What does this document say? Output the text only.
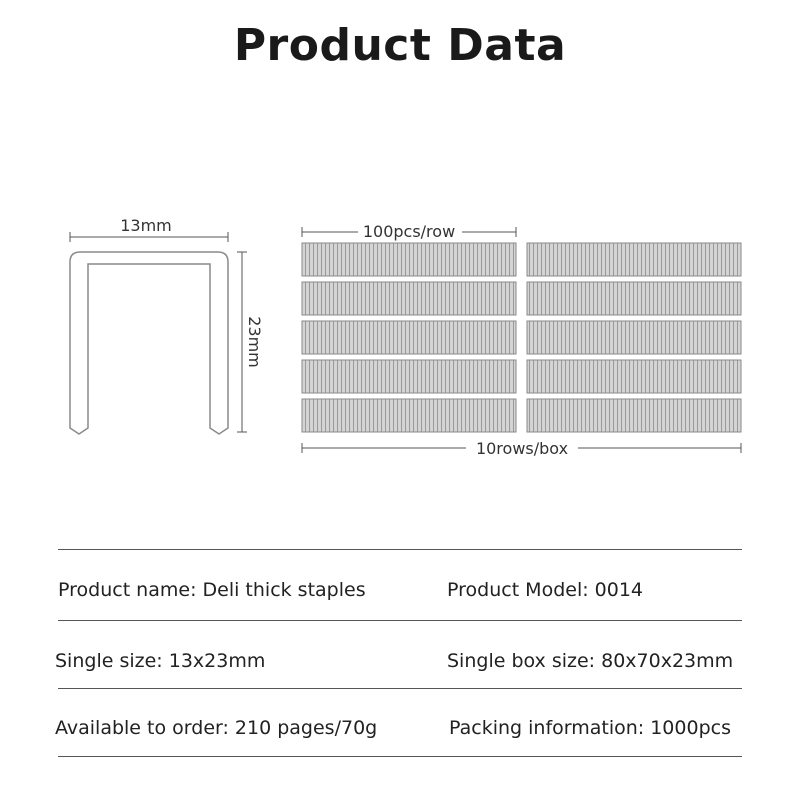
Product Data
13mm
23mm
100pcs/row
10rows/box
Product name: Deli thick staples	Product Model: 0014
Single size: 13x23mm	Single box size: 80x70x23mm
Available to order: 210 pages/70g	Packing information: 1000pcs
